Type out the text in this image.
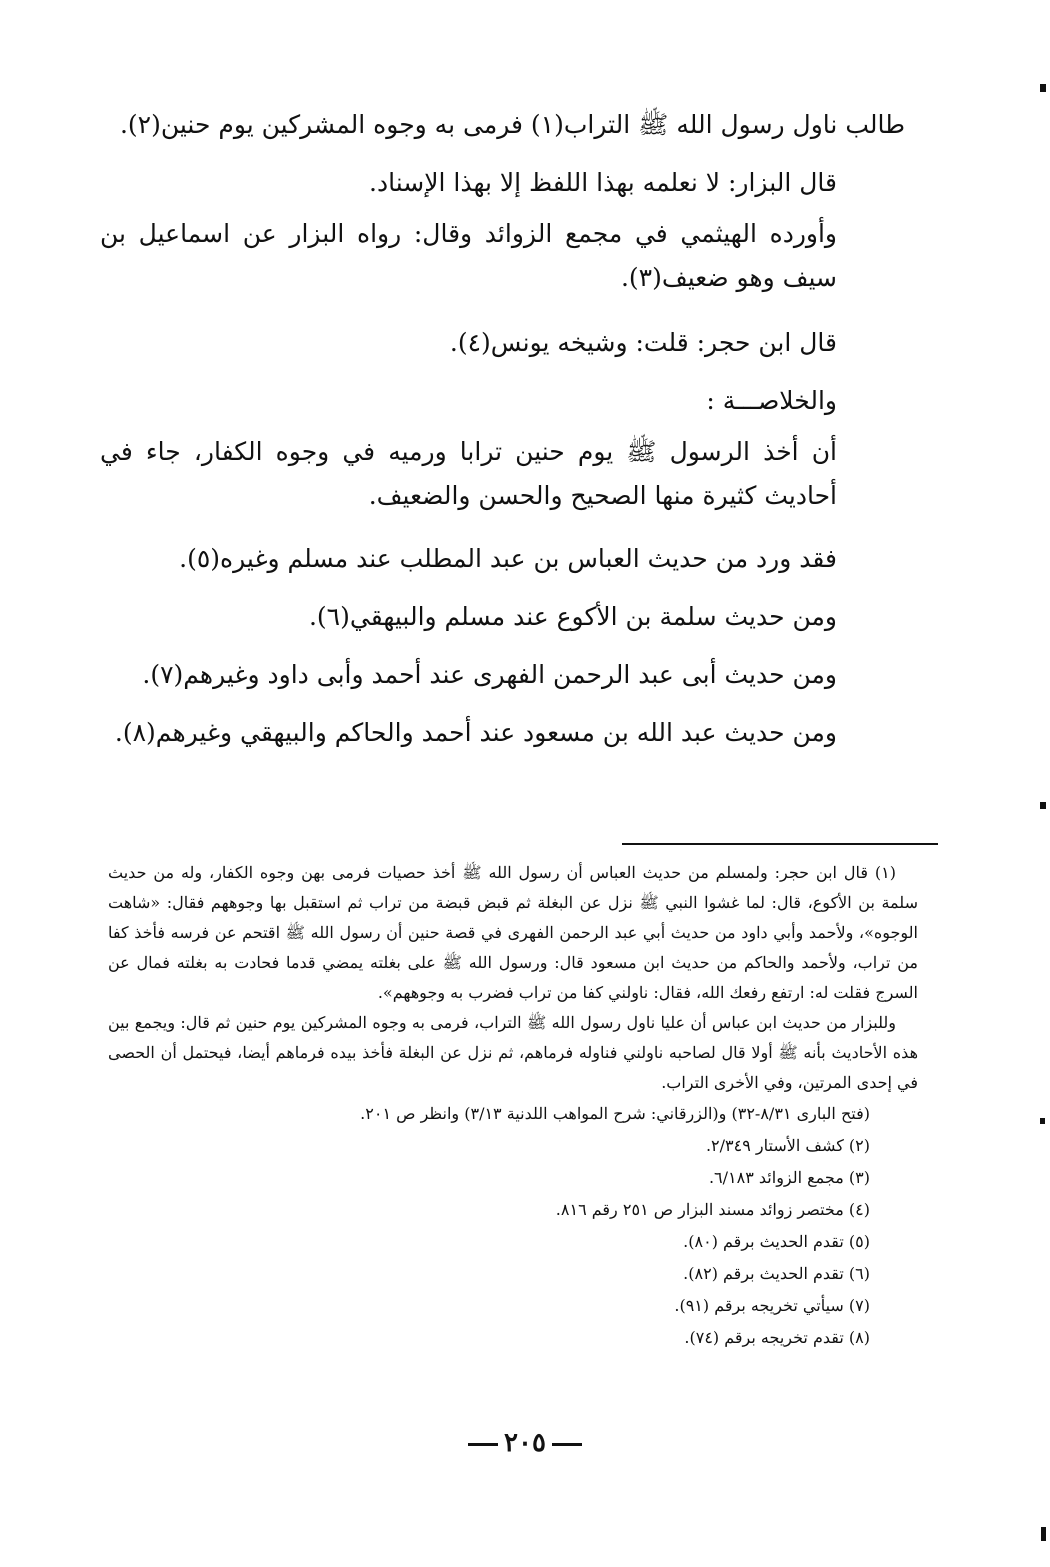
طالب ناول رسول الله ﷺ التراب(١) فرمى به وجوه المشركين يوم حنين(٢).

قال البزار: لا نعلمه بهذا اللفظ إلا بهذا الإسناد.

وأورده الهيثمي في مجمع الزوائد وقال: رواه البزار عن اسماعيل بن سيف وهو ضعيف(٣).

قال ابن حجر: قلت: وشيخه يونس(٤).

والخلاصـــة :

أن أخذ الرسول ﷺ يوم حنين ترابا ورميه في وجوه الكفار، جاء في أحاديث كثيرة منها الصحيح والحسن والضعيف.

فقد ورد من حديث العباس بن عبد المطلب عند مسلم وغيره(٥).

ومن حديث سلمة بن الأكوع عند مسلم والبيهقي(٦).

ومن حديث أبى عبد الرحمن الفهرى عند أحمد وأبى داود وغيرهم(٧).

ومن حديث عبد الله بن مسعود عند أحمد والحاكم والبيهقي وغيرهم(٨).

(١) قال ابن حجر: ولمسلم من حديث العباس أن رسول الله ﷺ أخذ حصيات فرمى بهن وجوه الكفار، وله من حديث سلمة بن الأكوع، قال: لما غشوا النبي ﷺ نزل عن البغلة ثم قبض قبضة من تراب ثم استقبل بها وجوههم فقال: «شاهت الوجوه»، ولأحمد وأبي داود من حديث أبي عبد الرحمن الفهرى في قصة حنين أن رسول الله ﷺ اقتحم عن فرسه فأخذ كفا من تراب، ولأحمد والحاكم من حديث ابن مسعود قال: ورسول الله ﷺ على بغلته يمضي قدما فحادت به بغلته فمال عن السرج فقلت له: ارتفع رفعك الله، فقال: ناولني كفا من تراب فضرب به وجوههم».

وللبزار من حديث ابن عباس أن عليا ناول رسول الله ﷺ التراب، فرمى به وجوه المشركين يوم حنين ثم قال: ويجمع بين هذه الأحاديث بأنه ﷺ أولا قال لصاحبه ناولني فناوله فرماهم، ثم نزل عن البغلة فأخذ بيده فرماهم أيضا، فيحتمل أن الحصى في إحدى المرتين، وفي الأخرى التراب.

(فتح البارى ٨/٣١-٣٢) و(الزرقاني: شرح المواهب اللدنية ٣/١٣) وانظر ص ٢٠١.

(٢) كشف الأستار ٢/٣٤٩.

(٣) مجمع الزوائد ٦/١٨٣.

(٤) مختصر زوائد مسند البزار ص ٢٥١ رقم ٨١٦.

(٥) تقدم الحديث برقم (٨٠).

(٦) تقدم الحديث برقم (٨٢).

(٧) سيأتي تخريجه برقم (٩١).

(٨) تقدم تخريجه برقم (٧٤).

٢٠٥
